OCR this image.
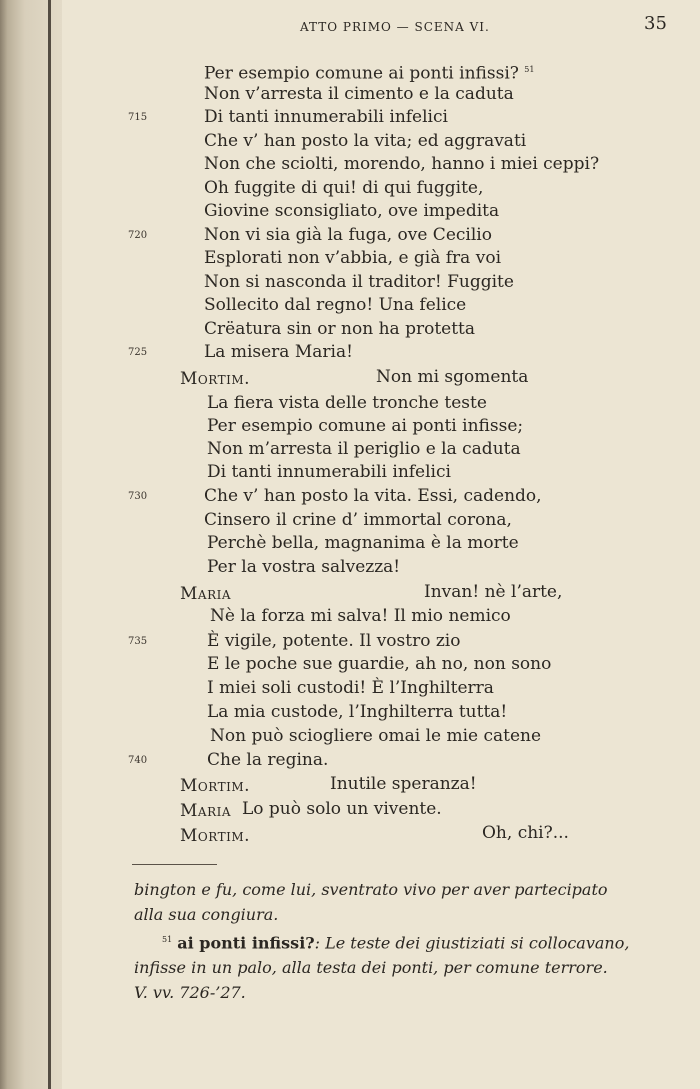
ATTO PRIMO — SCENA VI.	35
Per esempio comune ai ponti infissi? $^{51}$
Non v’arresta il cimento e la caduta
715	Di tanti innumerabili infelici
Che v’ han posto la vita; ed aggravati
Non che sciolti, morendo, hanno i miei ceppi?
Oh fuggite di qui! di qui fuggite,
Giovine sconsigliato, ove impedita
720	Non vi sia già la fuga, ove Cecilio
Esplorati non v’abbia, e già fra voi
Non si nasconda il traditor! Fuggite
Sollecito dal regno! Una felice
Crëatura sin or non ha protetta
725	La misera Maria!
Mortim.	Non mi sgomenta
La fiera vista delle tronche teste
Per esempio comune ai ponti infisse;
Non m’arresta il periglio e la caduta
Di tanti innumerabili infelici
730	Che v’ han posto la vita. Essi, cadendo,
Cinsero il crine d’ immortal corona,
Perchè bella, magnanima è la morte
Per la vostra salvezza!
Maria	Invan! nè l’arte,
Nè la forza mi salva! Il mio nemico
735	È vigile, potente. Il vostro zio
E le poche sue guardie, ah no, non sono
I miei soli custodi! È l’Inghilterra
La mia custode, l’Inghilterra tutta!
Non può sciogliere omai le mie catene
740	Che la regina.
Mortim.	Inutile speranza!
Maria Lo può solo un vivente.
Mortim.	Oh, chi?...
bington e fu, come lui, sventrato vivo per aver partecipato
alla sua congiura.
$^{51}$ ai ponti infissi?: Le teste dei giustiziati si collocavano,
infisse in un palo, alla testa dei ponti, per comune terrore.
V. vv. 726-’27.
